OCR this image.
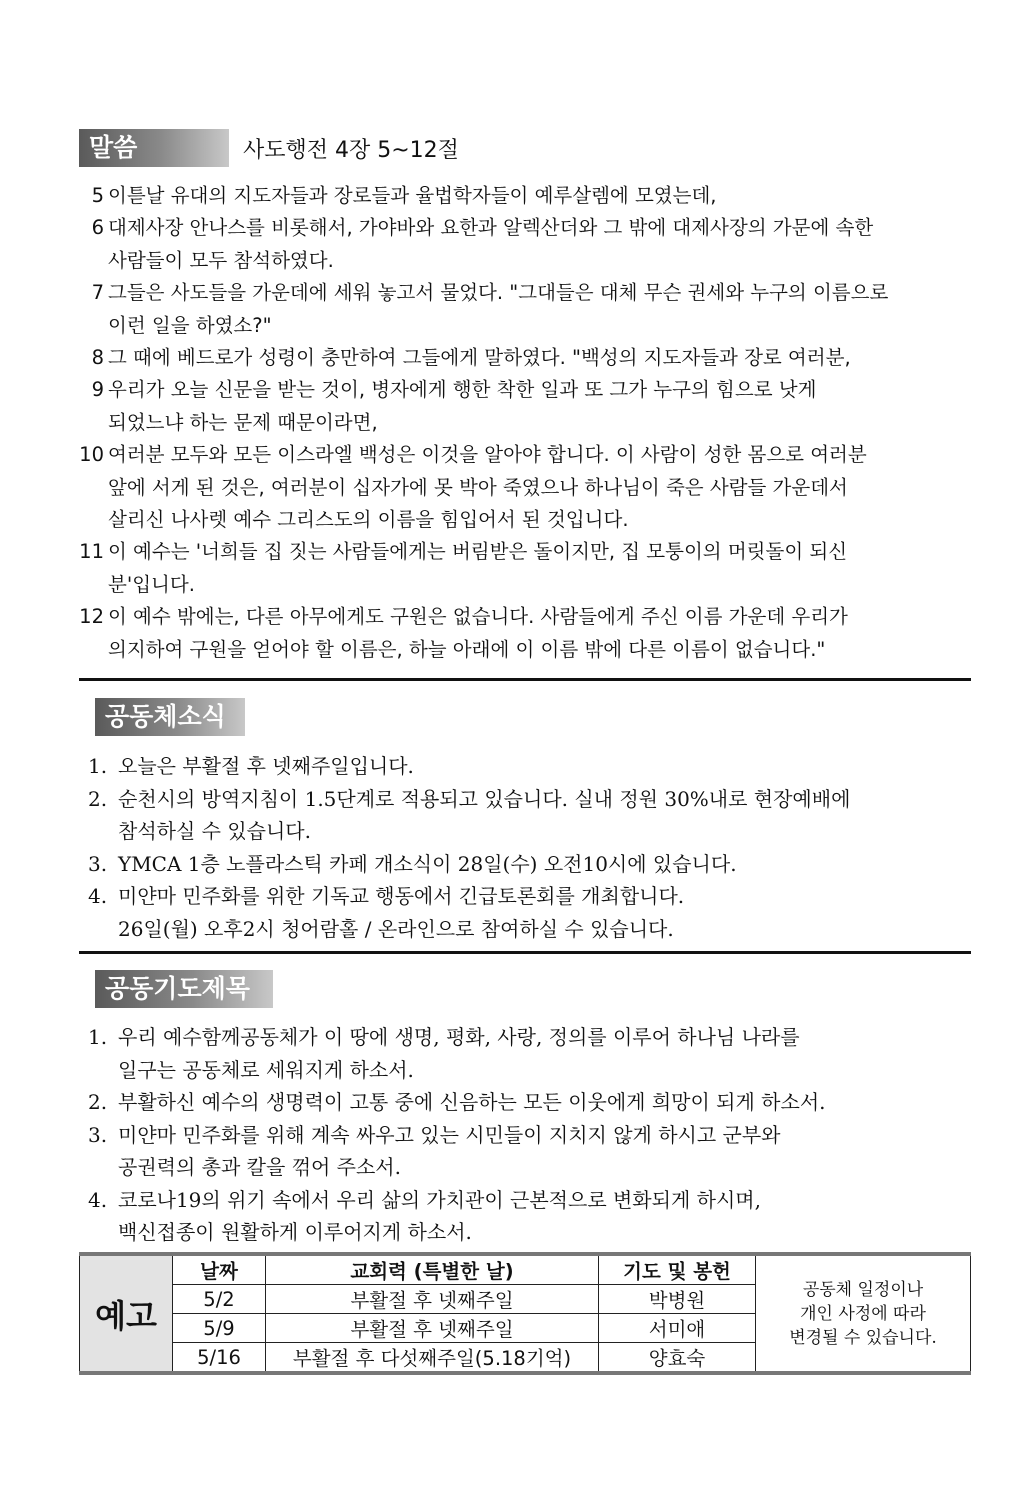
말씀	사도행전 4장 5~12절
5 이튿날 유대의 지도자들과 장로들과 율법학자들이 예루살렘에 모였는데,
6 대제사장 안나스를 비롯해서, 가야바와 요한과 알렉산더와 그 밖에 대제사장의 가문에 속한
사람들이 모두 참석하였다.
7 그들은 사도들을 가운데에 세워 놓고서 물었다. "그대들은 대체 무슨 권세와 누구의 이름으로
이런 일을 하였소?"
8 그 때에 베드로가 성령이 충만하여 그들에게 말하였다. "백성의 지도자들과 장로 여러분,
9 우리가 오늘 신문을 받는 것이, 병자에게 행한 착한 일과 또 그가 누구의 힘으로 낫게
되었느냐 하는 문제 때문이라면,
10 여러분 모두와 모든 이스라엘 백성은 이것을 알아야 합니다. 이 사람이 성한 몸으로 여러분
앞에 서게 된 것은, 여러분이 십자가에 못 박아 죽였으나 하나님이 죽은 사람들 가운데서
살리신 나사렛 예수 그리스도의 이름을 힘입어서 된 것입니다.
11 이 예수는 '너희들 집 짓는 사람들에게는 버림받은 돌이지만, 집 모퉁이의 머릿돌이 되신
분'입니다.
12 이 예수 밖에는, 다른 아무에게도 구원은 없습니다. 사람들에게 주신 이름 가운데 우리가
의지하여 구원을 얻어야 할 이름은, 하늘 아래에 이 이름 밖에 다른 이름이 없습니다."
공동체소식
1. 오늘은 부활절 후 넷째주일입니다.
2. 순천시의 방역지침이 1.5단계로 적용되고 있습니다. 실내 정원 30%내로 현장예배에
참석하실 수 있습니다.
3. YMCA 1층 노플라스틱 카페 개소식이 28일(수) 오전10시에 있습니다.
4. 미얀마 민주화를 위한 기독교 행동에서 긴급토론회를 개최합니다.
26일(월) 오후2시 청어람홀 / 온라인으로 참여하실 수 있습니다.
공동기도제목
1. 우리 예수함께공동체가 이 땅에 생명, 평화, 사랑, 정의를 이루어 하나님 나라를
일구는 공동체로 세워지게 하소서.
2. 부활하신 예수의 생명력이 고통 중에 신음하는 모든 이웃에게 희망이 되게 하소서.
3. 미얀마 민주화를 위해 계속 싸우고 있는 시민들이 지치지 않게 하시고 군부와
공권력의 총과 칼을 꺾어 주소서.
4. 코로나19의 위기 속에서 우리 삶의 가치관이 근본적으로 변화되게 하시며,
백신접종이 원활하게 이루어지게 하소서.
예고	날짜	교회력 (특별한 날)	기도 및 봉헌	공동체 일정이나
개인 사정에 따라
변경될 수 있습니다.
	5/2	부활절 후 넷째주일	박병원	
	5/9	부활절 후 넷째주일	서미애	
	5/16	부활절 후 다섯째주일(5.18기억)	양효숙	
